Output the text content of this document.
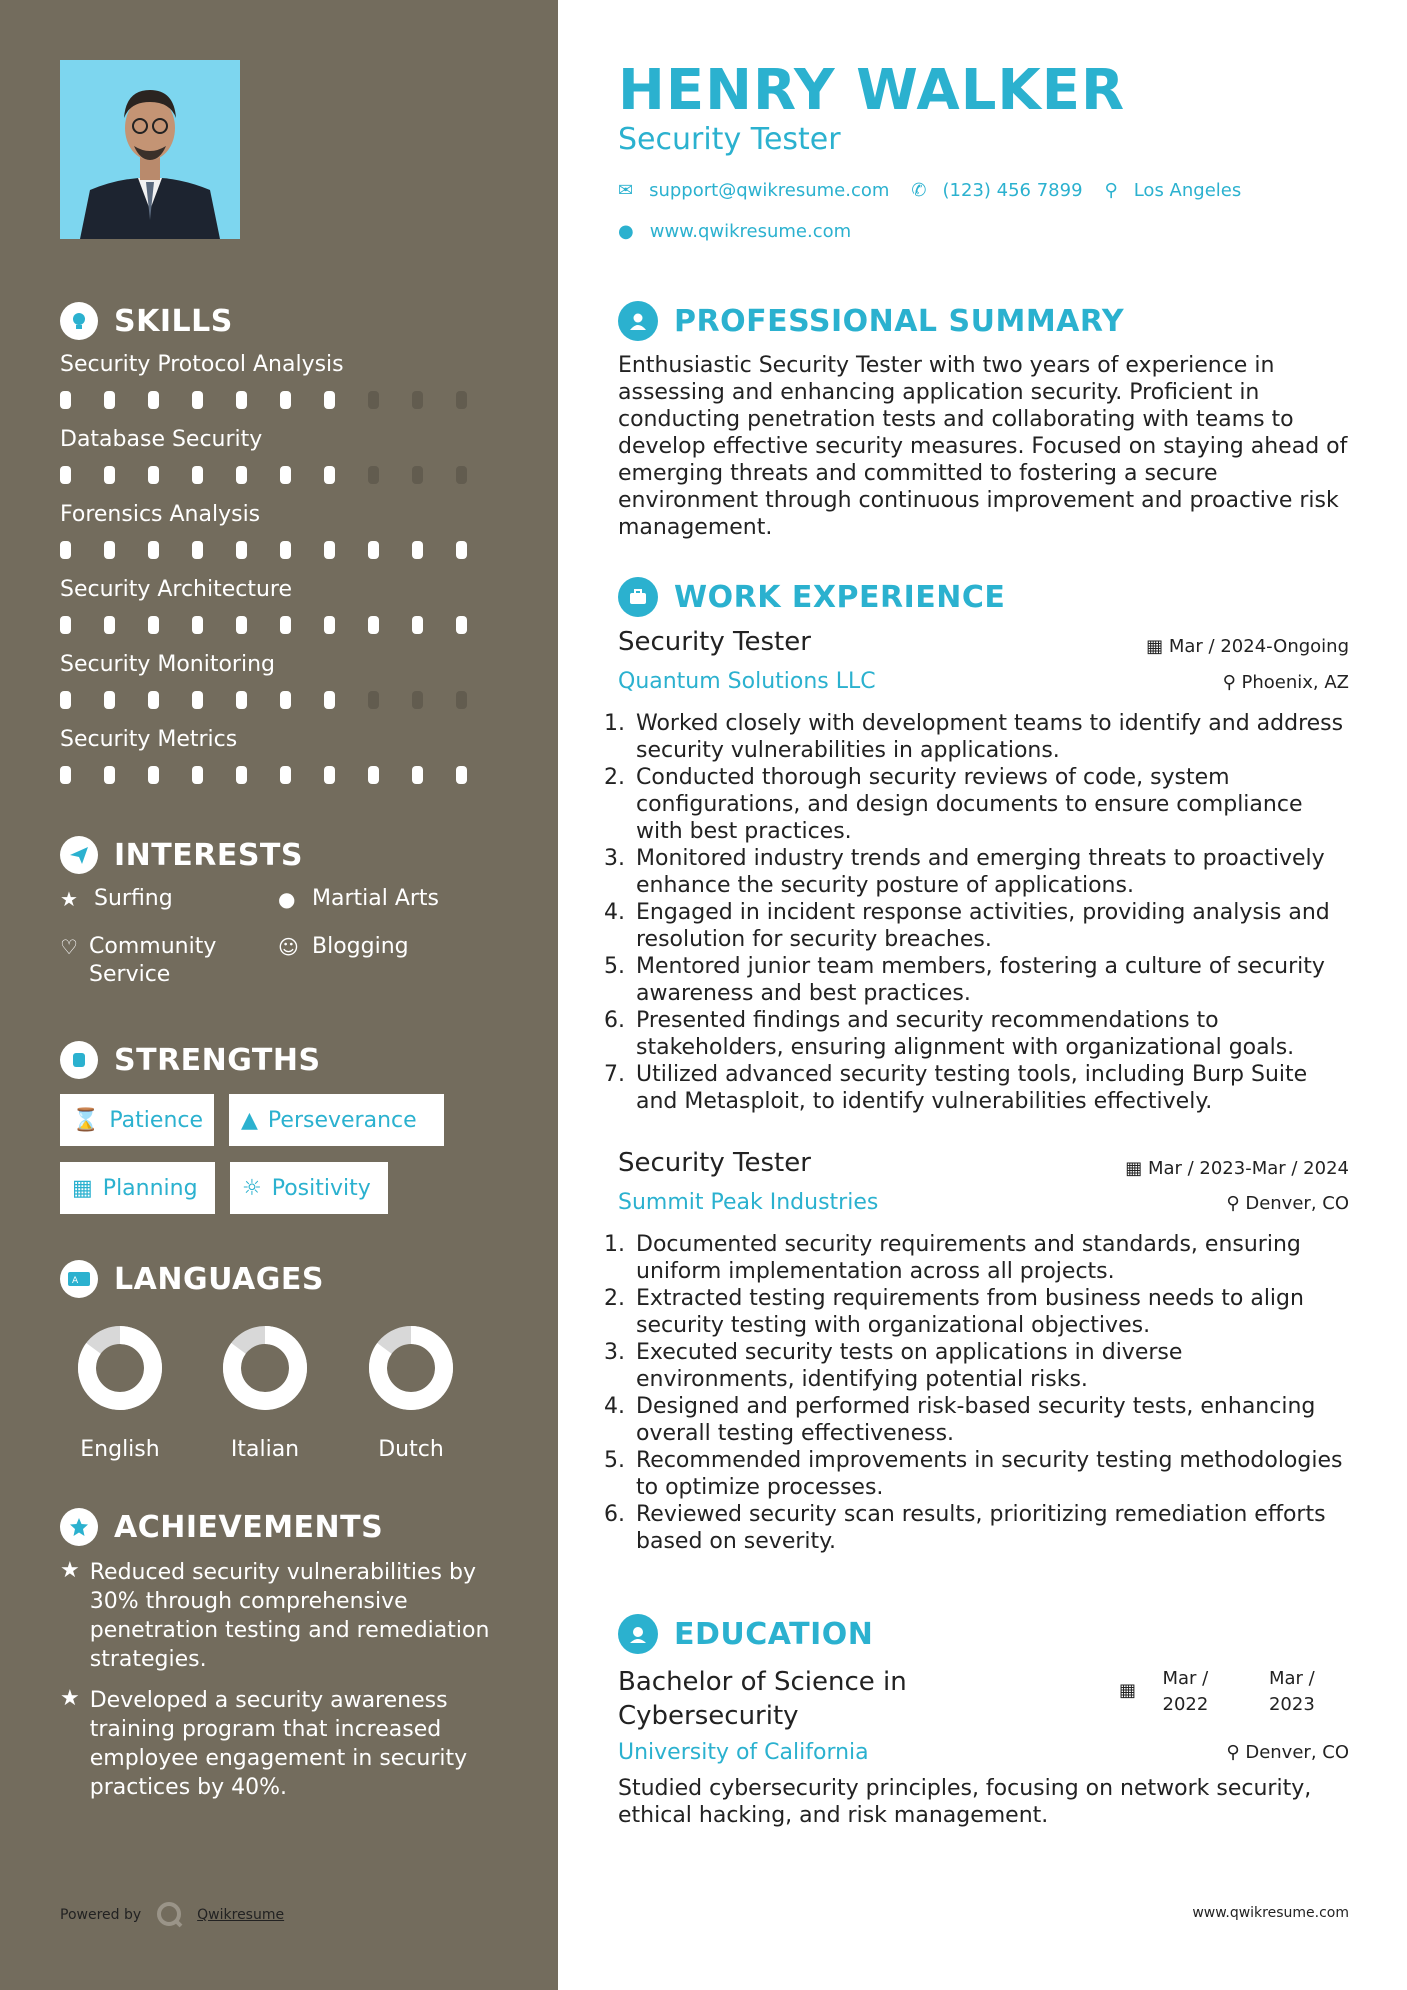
SKILLS
Security Protocol Analysis
Database Security
Forensics Analysis
Security Architecture
Security Monitoring
Security Metrics
INTERESTS
★ Surfing	● Martial Arts
♡ Community Service
☺ Blogging
STRENGTHS
⌛ Patience ▲ Perseverance
▦ Planning ☼ Positivity
A LANGUAGES
English	Italian	Dutch
ACHIEVEMENTS
★ Reduced security vulnerabilities by 30% through comprehensive penetration testing and remediation strategies.
★ Developed a security awareness training program that increased employee engagement in security practices by 40%.
Powered by	Qwikresume
HENRY WALKER
Security Tester
✉ support@qwikresume.com ✆ (123) 456 7899 ⚲ Los Angeles
● www.qwikresume.com
PROFESSIONAL SUMMARY
Enthusiastic Security Tester with two years of experience in assessing and enhancing application security. Proficient in conducting penetration tests and collaborating with teams to develop effective security measures. Focused on staying ahead of emerging threats and committed to fostering a secure environment through continuous improvement and proactive risk management.
WORK EXPERIENCE
Security Tester	▦ Mar / 2024-Ongoing
Quantum Solutions LLC	⚲ Phoenix, AZ
1. Worked closely with development teams to identify and address security vulnerabilities in applications.
2. Conducted thorough security reviews of code, system configurations, and design documents to ensure compliance with best practices.
3. Monitored industry trends and emerging threats to proactively enhance the security posture of applications.
4. Engaged in incident response activities, providing analysis and resolution for security breaches.
5. Mentored junior team members, fostering a culture of security awareness and best practices.
6. Presented findings and security recommendations to stakeholders, ensuring alignment with organizational goals.
7. Utilized advanced security testing tools, including Burp Suite and Metasploit, to identify vulnerabilities effectively.
Security Tester	▦ Mar / 2023-Mar / 2024
Summit Peak Industries	⚲ Denver, CO
1. Documented security requirements and standards, ensuring uniform implementation across all projects.
2. Extracted testing requirements from business needs to align security testing with organizational objectives.
3. Executed security tests on applications in diverse environments, identifying potential risks.
4. Designed and performed risk-based security tests, enhancing overall testing effectiveness.
5. Recommended improvements in security testing methodologies to optimize processes.
6. Reviewed security scan results, prioritizing remediation efforts based on severity.
EDUCATION
Bachelor of Science in Cybersecurity
▦
Mar / 2022
Mar / 2023
University of California	⚲ Denver, CO
Studied cybersecurity principles, focusing on network security, ethical hacking, and risk management.
www.qwikresume.com
